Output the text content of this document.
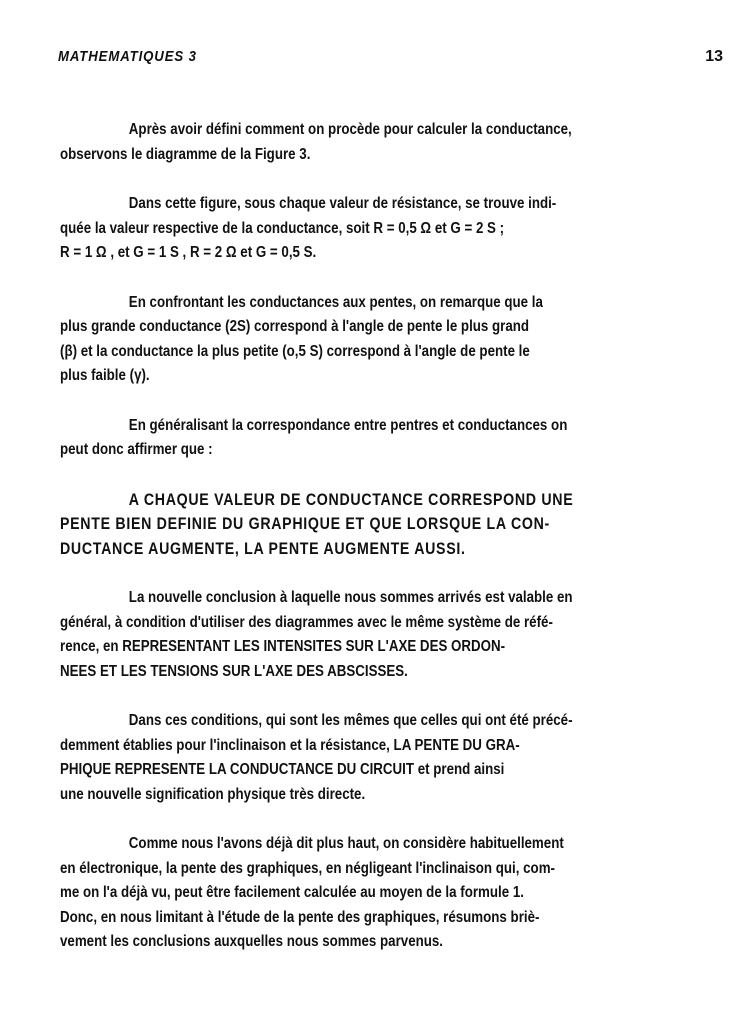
MATHEMATIQUES 3	13
Après avoir défini comment on procède pour calculer la conductance,
observons le diagramme de la Figure 3.
Dans cette figure, sous chaque valeur de résistance, se trouve indi-
quée la valeur respective de la conductance, soit R = 0,5 Ω et G = 2 S ;
R = 1 Ω , et G = 1 S , R = 2 Ω et G = 0,5 S.
En confrontant les conductances aux pentes, on remarque que la
plus grande conductance (2S) correspond à l'angle de pente le plus grand
(β) et la conductance la plus petite (o,5 S) correspond à l'angle de pente le
plus faible (γ).
En généralisant la correspondance entre pentres et conductances on
peut donc affirmer que :
A CHAQUE VALEUR DE CONDUCTANCE CORRESPOND UNE
PENTE BIEN DEFINIE DU GRAPHIQUE ET QUE LORSQUE LA CON-
DUCTANCE AUGMENTE, LA PENTE AUGMENTE AUSSI.
La nouvelle conclusion à laquelle nous sommes arrivés est valable en
général, à condition d'utiliser des diagrammes avec le même système de réfé-
rence, en REPRESENTANT LES INTENSITES SUR L'AXE DES ORDON-
NEES ET LES TENSIONS SUR L'AXE DES ABSCISSES.
Dans ces conditions, qui sont les mêmes que celles qui ont été précé-
demment établies pour l'inclinaison et la résistance, LA PENTE DU GRA-
PHIQUE REPRESENTE LA CONDUCTANCE DU CIRCUIT et prend ainsi
une nouvelle signification physique très directe.
Comme nous l'avons déjà dit plus haut, on considère habituellement
en électronique, la pente des graphiques, en négligeant l'inclinaison qui, com-
me on l'a déjà vu, peut être facilement calculée au moyen de la formule 1.
Donc, en nous limitant à l'étude de la pente des graphiques, résumons briè-
vement les conclusions auxquelles nous sommes parvenus.
